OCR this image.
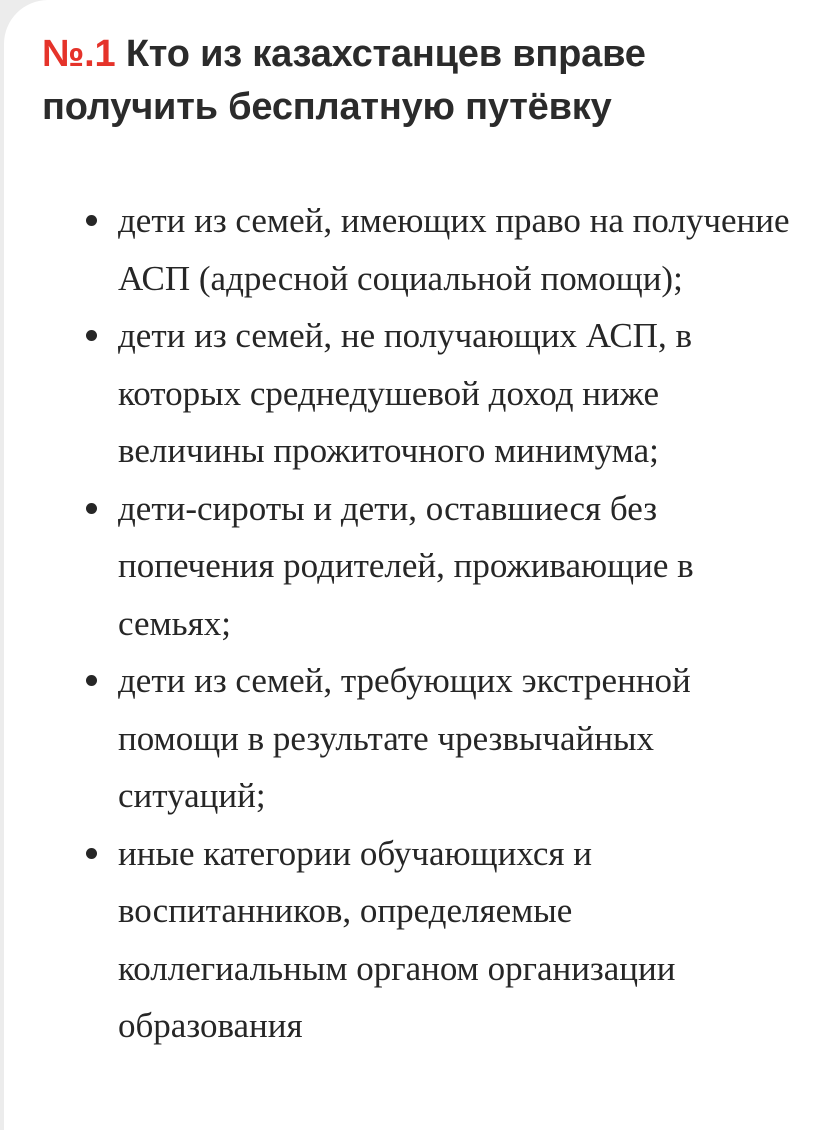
№.1 Кто из казахстанцев вправе получить бесплатную путёвку
дети из семей, имеющих право на получение АСП (адресной социальной помощи);
дети из семей, не получающих АСП, в которых среднедушевой доход ниже величины прожиточного минимума;
дети-сироты и дети, оставшиеся без попечения родителей, проживающие в семьях;
дети из семей, требующих экстренной помощи в результате чрезвычайных ситуаций;
иные категории обучающихся и воспитанников, определяемые коллегиальным органом организации образования
